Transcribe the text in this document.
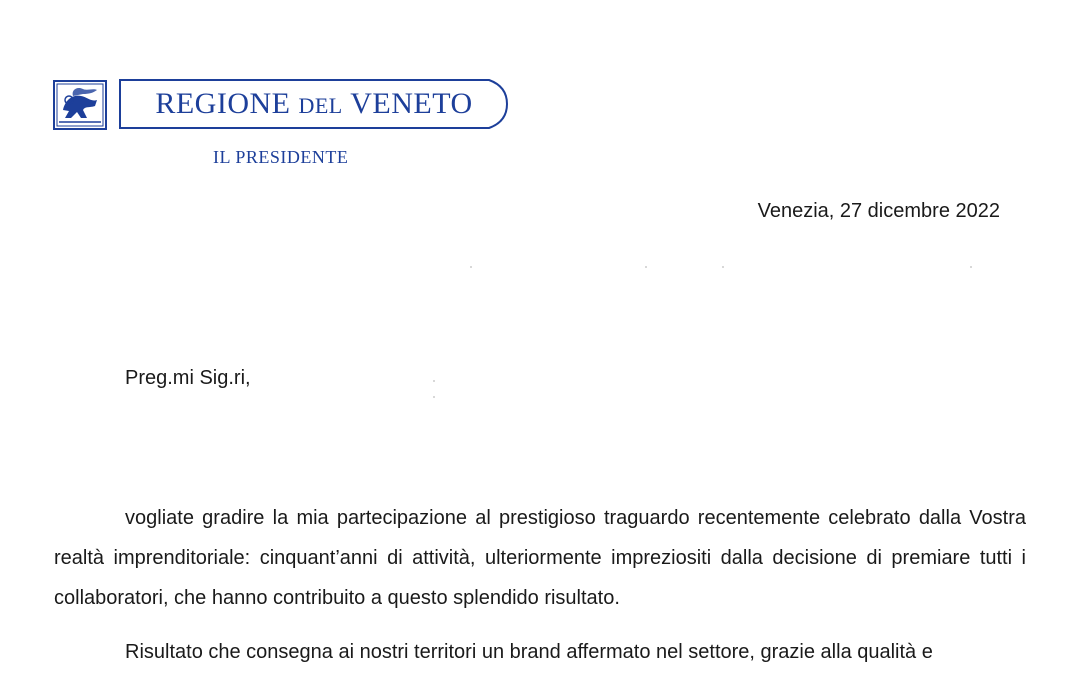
REGIONE DEL VENETO
IL PRESIDENTE
Venezia, 27 dicembre 2022
Preg.mi Sig.ri,

vogliate gradire la mia partecipazione al prestigioso traguardo recentemente celebrato dalla Vostra realtà imprenditoriale: cinquant’anni di attività, ulteriormente impreziositi dalla decisione di premiare tutti i collaboratori, che hanno contribuito a questo splendido risultato.

Risultato che consegna ai nostri territori un brand affermato nel settore, grazie alla qualità e
